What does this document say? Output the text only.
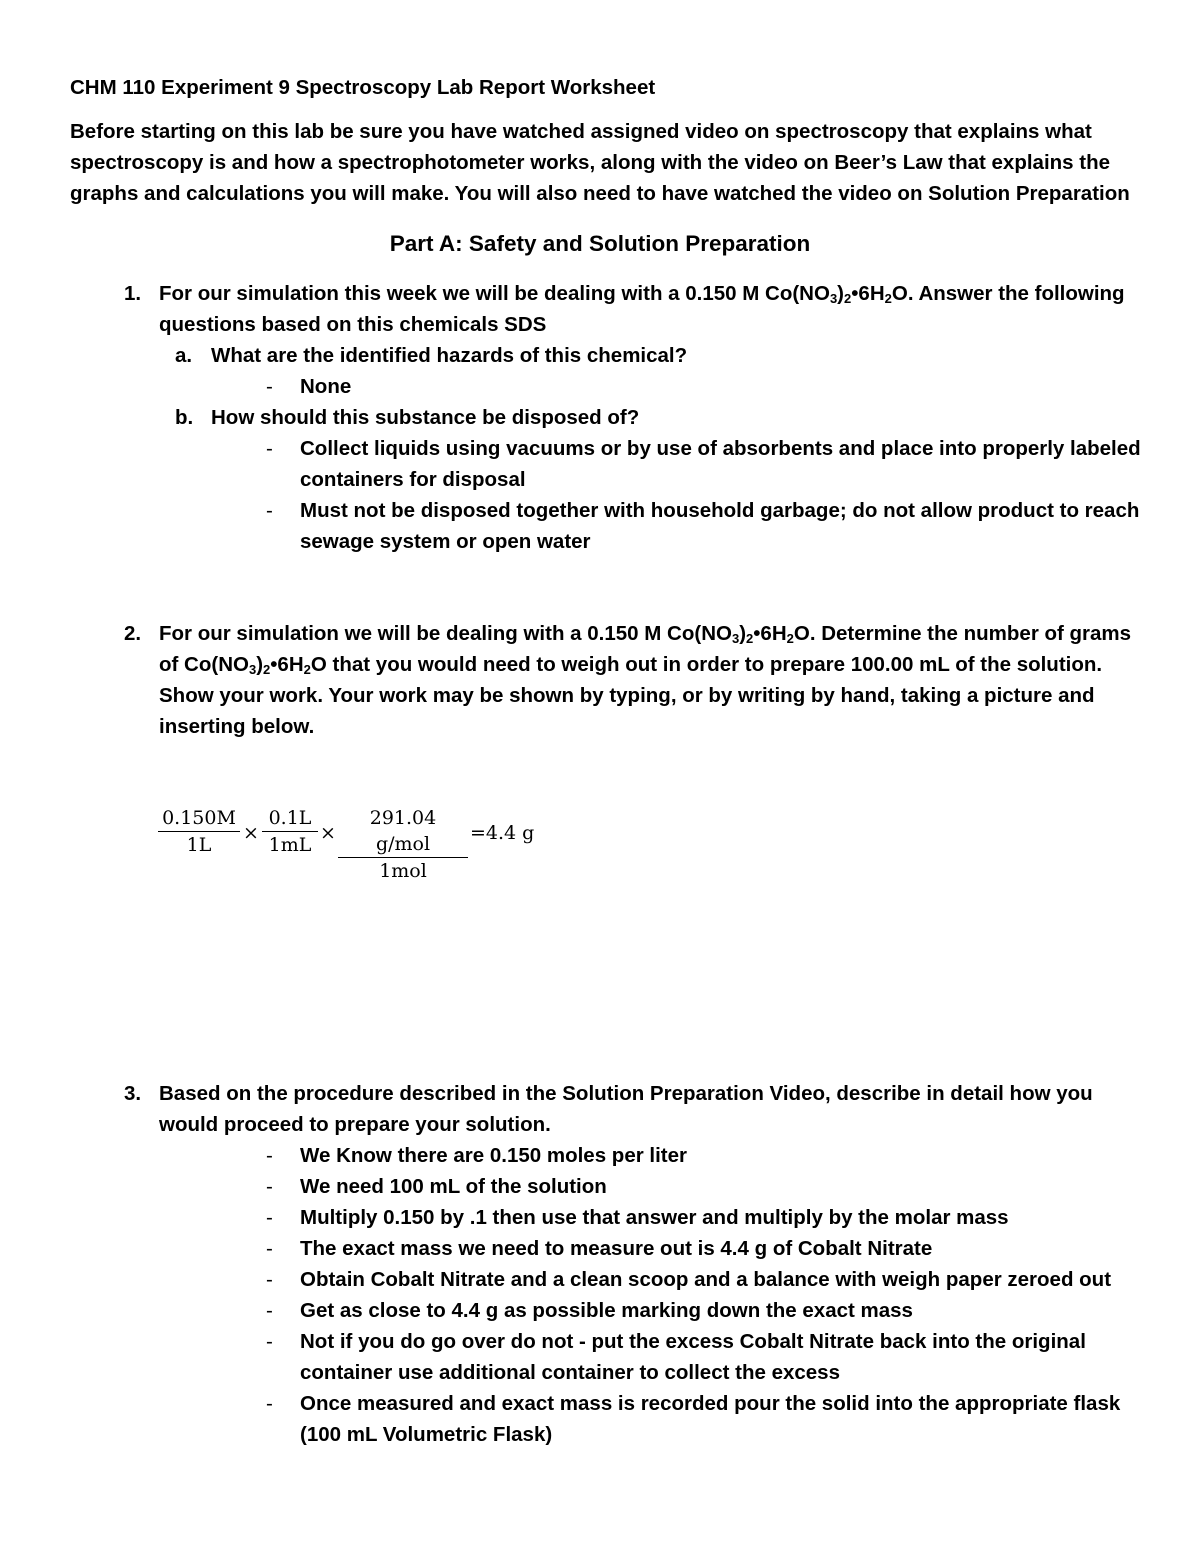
CHM 110 Experiment 9 Spectroscopy Lab Report Worksheet
Before starting on this lab be sure you have watched assigned video on spectroscopy that explains what spectroscopy is and how a spectrophotometer works, along with the video on Beer’s Law that explains the graphs and calculations you will make. You will also need to have watched the video on Solution Preparation
Part A: Safety and Solution Preparation
1. For our simulation this week we will be dealing with a 0.150 M $Co(NO_3)_2•6H_2O$. Answer the following
questions based on this chemicals SDS
a. What are the identified hazards of this chemical?
- None
b. How should this substance be disposed of?
- Collect liquids using vacuums or by use of absorbents and place into properly labeled
containers for disposal
- Must not be disposed together with household garbage; do not allow product to reach
sewage system or open water
2. For our simulation we will be dealing with a 0.150 M $Co(NO_3)_2•6H_2O$. Determine the number of grams
of $Co(NO_3)_2•6H_2O$ that you would need to weigh out in order to prepare 100.00 mL of the solution.
Show your work. Your work may be shown by typing, or by writing by hand, taking a picture and
inserting below.
$\frac{0.150M}{1L} \times \frac{0.1L}{1mL}$ ×
291.04 g/mol
1mol
=4.4 g
3. Based on the procedure described in the Solution Preparation Video, describe in detail how you
would proceed to prepare your solution.
- We Know there are 0.150 moles per liter
- We need 100 mL of the solution
- Multiply 0.150 by .1 then use that answer and multiply by the molar mass
- The exact mass we need to measure out is 4.4 g of Cobalt Nitrate
- Obtain Cobalt Nitrate and a clean scoop and a balance with weigh paper zeroed out
- Get as close to 4.4 g as possible marking down the exact mass
- Not if you do go over do not - put the excess Cobalt Nitrate back into the original
container use additional container to collect the excess
- Once measured and exact mass is recorded pour the solid into the appropriate flask
(100 mL Volumetric Flask)
